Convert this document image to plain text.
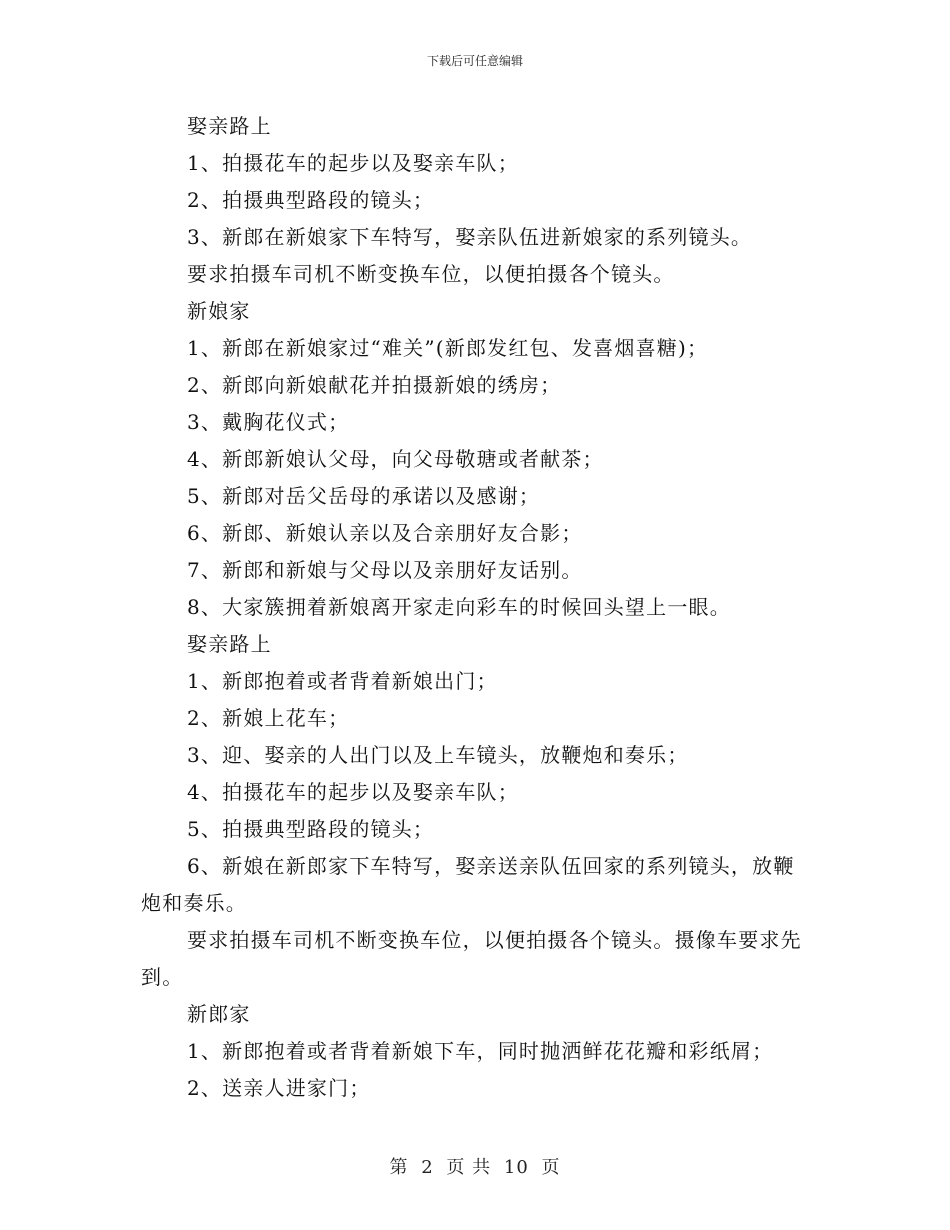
下载后可任意编辑

娶亲路上

1、拍摄花车的起步以及娶亲车队；

2、拍摄典型路段的镜头；

3、新郎在新娘家下车特写，娶亲队伍进新娘家的系列镜头。

要求拍摄车司机不断变换车位，以便拍摄各个镜头。

新娘家

1、新郎在新娘家过“难关”(新郎发红包、发喜烟喜糖)；

2、新郎向新娘献花并拍摄新娘的绣房；

3、戴胸花仪式；

4、新郎新娘认父母，向父母敬瑭或者献茶；

5、新郎对岳父岳母的承诺以及感谢；

6、新郎、新娘认亲以及合亲朋好友合影；

7、新郎和新娘与父母以及亲朋好友话别。

8、大家簇拥着新娘离开家走向彩车的时候回头望上一眼。

娶亲路上

1、新郎抱着或者背着新娘出门；

2、新娘上花车；

3、迎、娶亲的人出门以及上车镜头，放鞭炮和奏乐；

4、拍摄花车的起步以及娶亲车队；

5、拍摄典型路段的镜头；

6、新娘在新郎家下车特写，娶亲送亲队伍回家的系列镜头，放鞭炮和奏乐。

要求拍摄车司机不断变换车位，以便拍摄各个镜头。摄像车要求先到。

新郎家

1、新郎抱着或者背着新娘下车，同时抛洒鲜花花瓣和彩纸屑；

2、送亲人进家门；

第 2 页 共 10 页
